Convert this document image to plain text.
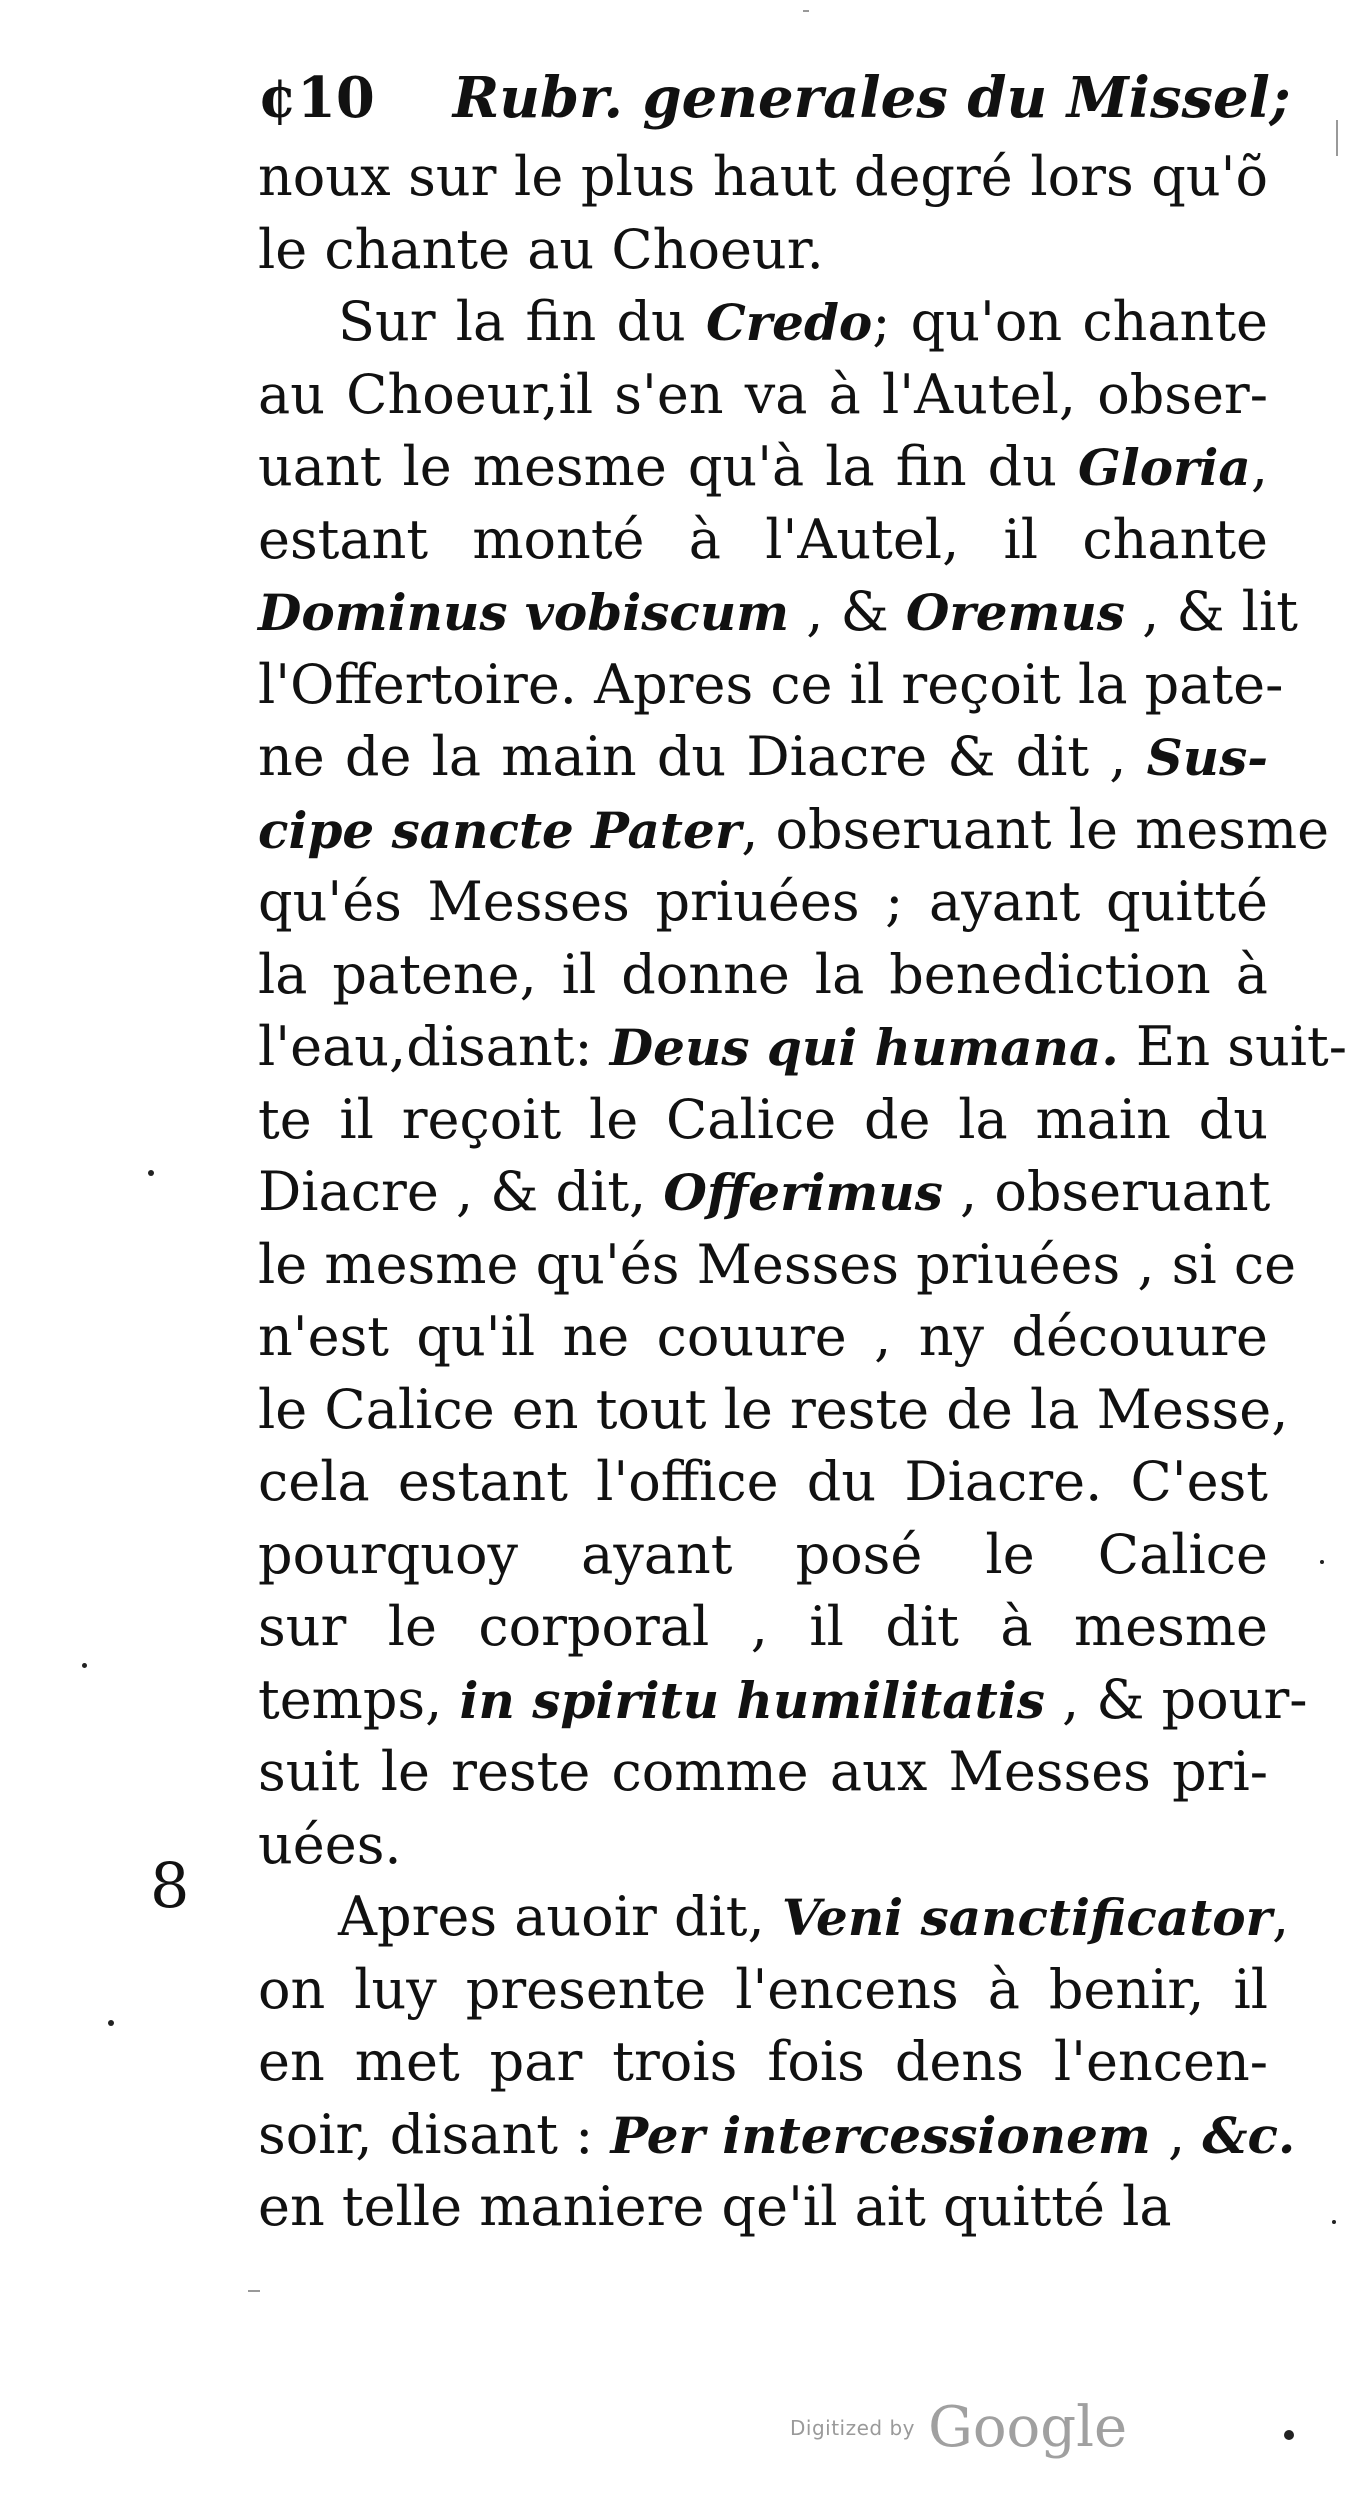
¢10 Rubr. generales du Missel;
noux sur le plus haut degré lors qu'õ
le chante au Choeur.
Sur la fin du Credo; qu'on chante
au Choeur,il s'en va à l'Autel, obser-
uant le mesme qu'à la fin du Gloria,
estant monté à l'Autel, il chante
Dominus vobiscum , & Oremus , & lit
l'Offertoire. Apres ce il reçoit la pate-
ne de la main du Diacre & dit , Sus-
cipe sancte Pater, obseruant le mesme
qu'és Messes priuées ; ayant quitté
la patene, il donne la benediction à
l'eau,disant: Deus qui humana. En suit-
te il reçoit le Calice de la main du
Diacre , & dit, Offerimus , obseruant
le mesme qu'és Messes priuées , si ce
n'est qu'il ne couure , ny découure
le Calice en tout le reste de la Messe,
cela estant l'office du Diacre. C'est
pourquoy ayant posé le Calice
sur le corporal , il dit à mesme
temps, in spiritu humilitatis , & pour-
suit le reste comme aux Messes pri-
uées.
Apres auoir dit, Veni sanctificator,
on luy presente l'encens à benir, il
en met par trois fois dens l'encen-
soir, disant : Per intercessionem , &c.
en telle maniere qe'il ait quitté la
8
Digitized by Google
